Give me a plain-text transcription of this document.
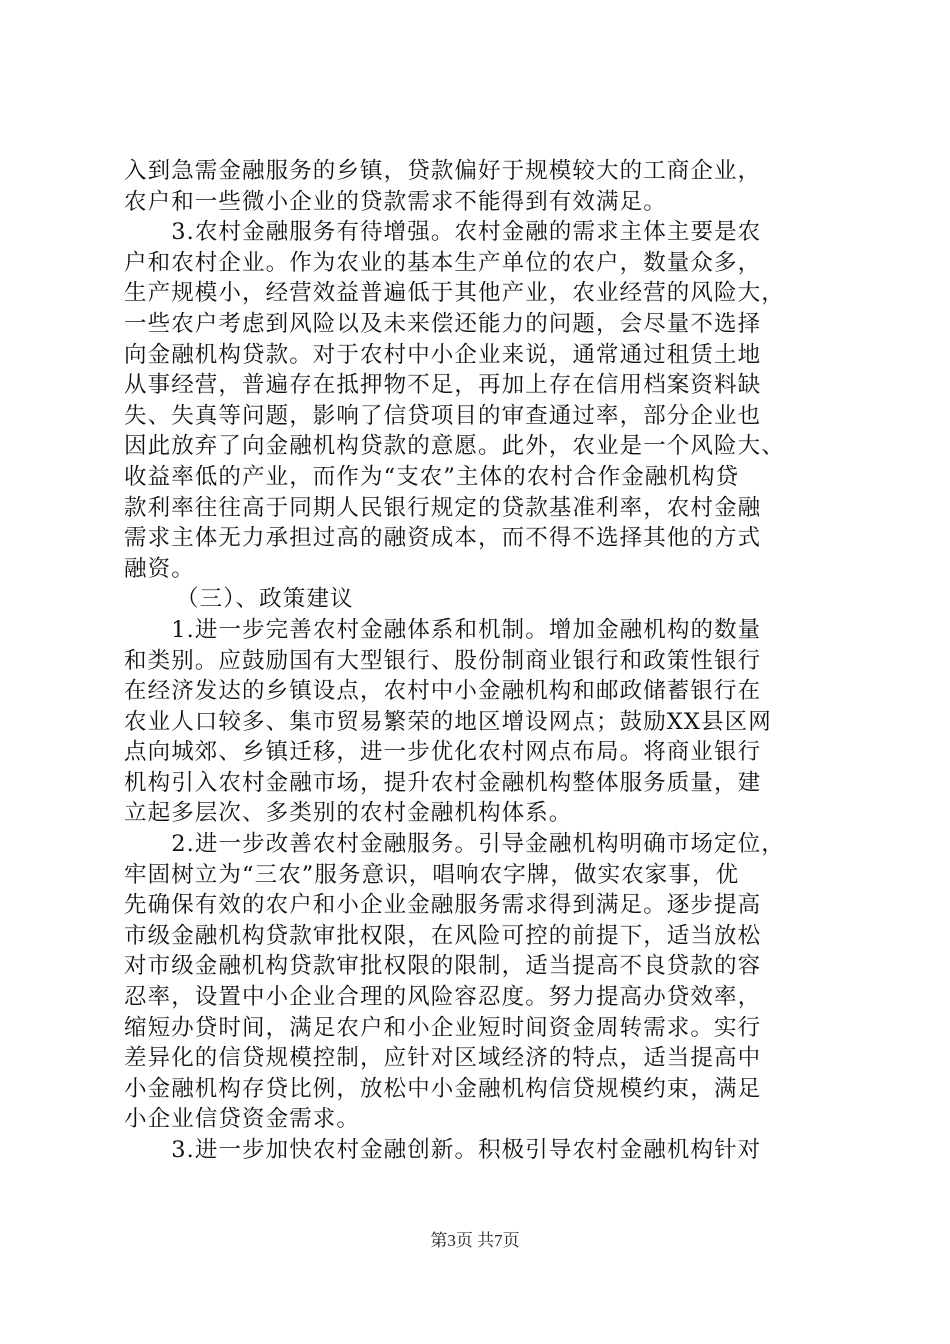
入到急需金融服务的乡镇，贷款偏好于规模较大的工商企业，
农户和一些微小企业的贷款需求不能得到有效满足。
　　3.农村金融服务有待增强。农村金融的需求主体主要是农
户和农村企业。作为农业的基本生产单位的农户，数量众多，
生产规模小，经营效益普遍低于其他产业，农业经营的风险大，
一些农户考虑到风险以及未来偿还能力的问题，会尽量不选择
向金融机构贷款。对于农村中小企业来说，通常通过租赁土地
从事经营，普遍存在抵押物不足，再加上存在信用档案资料缺
失、失真等问题，影响了信贷项目的审查通过率，部分企业也
因此放弃了向金融机构贷款的意愿。此外，农业是一个风险大、
收益率低的产业，而作为“支农”主体的农村合作金融机构贷
款利率往往高于同期人民银行规定的贷款基准利率，农村金融
需求主体无力承担过高的融资成本，而不得不选择其他的方式
融资。
（三）、政策建议
　　1.进一步完善农村金融体系和机制。增加金融机构的数量
和类别。应鼓励国有大型银行、股份制商业银行和政策性银行
在经济发达的乡镇设点，农村中小金融机构和邮政储蓄银行在
农业人口较多、集市贸易繁荣的地区增设网点；鼓励XX县区网
点向城郊、乡镇迁移，进一步优化农村网点布局。将商业银行
机构引入农村金融市场，提升农村金融机构整体服务质量，建
立起多层次、多类别的农村金融机构体系。
　　2.进一步改善农村金融服务。引导金融机构明确市场定位，
牢固树立为“三农”服务意识，唱响农字牌，做实农家事，优
先确保有效的农户和小企业金融服务需求得到满足。逐步提高
市级金融机构贷款审批权限，在风险可控的前提下，适当放松
对市级金融机构贷款审批权限的限制，适当提高不良贷款的容
忍率，设置中小企业合理的风险容忍度。努力提高办贷效率，
缩短办贷时间，满足农户和小企业短时间资金周转需求。实行
差异化的信贷规模控制，应针对区域经济的特点，适当提高中
小金融机构存贷比例，放松中小金融机构信贷规模约束，满足
小企业信贷资金需求。
　　3.进一步加快农村金融创新。积极引导农村金融机构针对
第3页 共7页
